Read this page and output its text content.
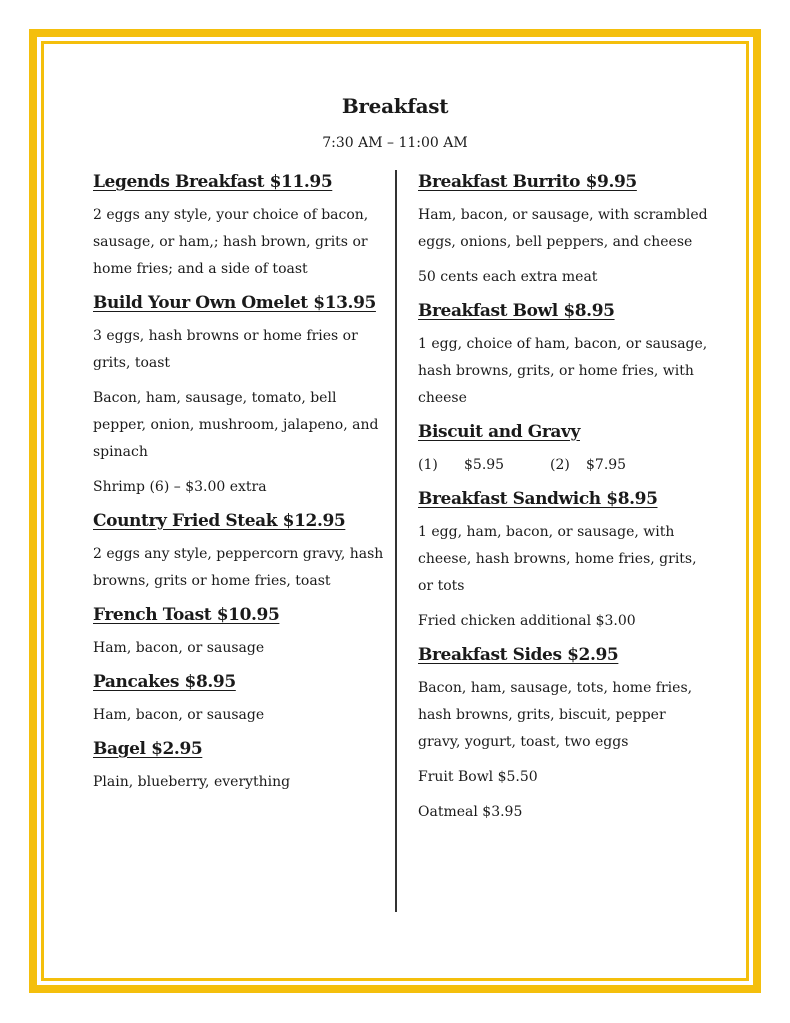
Breakfast
7:30 AM – 11:00 AM

Legends Breakfast $11.95

2 eggs any style, your choice of bacon, sausage, or ham,; hash brown, grits or home fries; and a side of toast

Build Your Own Omelet $13.95

3 eggs, hash browns or home fries or grits, toast

Bacon, ham, sausage, tomato, bell pepper, onion, mushroom, jalapeno, and spinach

Shrimp (6) – $3.00 extra

Country Fried Steak $12.95

2 eggs any style, peppercorn gravy, hash browns, grits or home fries, toast

French Toast $10.95

Ham, bacon, or sausage

Pancakes $8.95

Ham, bacon, or sausage

Bagel $2.95

Plain, blueberry, everything

Breakfast Burrito $9.95

Ham, bacon, or sausage, with scrambled eggs, onions, bell peppers, and cheese

50 cents each extra meat

Breakfast Bowl $8.95

1 egg, choice of ham, bacon, or sausage, hash browns, grits, or home fries, with cheese

Biscuit and Gravy

(1)	$5.95	(2)	$7.95

Breakfast Sandwich $8.95

1 egg, ham, bacon, or sausage, with cheese, hash browns, home fries, grits, or tots

Fried chicken additional $3.00

Breakfast Sides $2.95

Bacon, ham, sausage, tots, home fries, hash browns, grits, biscuit, pepper gravy, yogurt, toast, two eggs

Fruit Bowl $5.50

Oatmeal $3.95
